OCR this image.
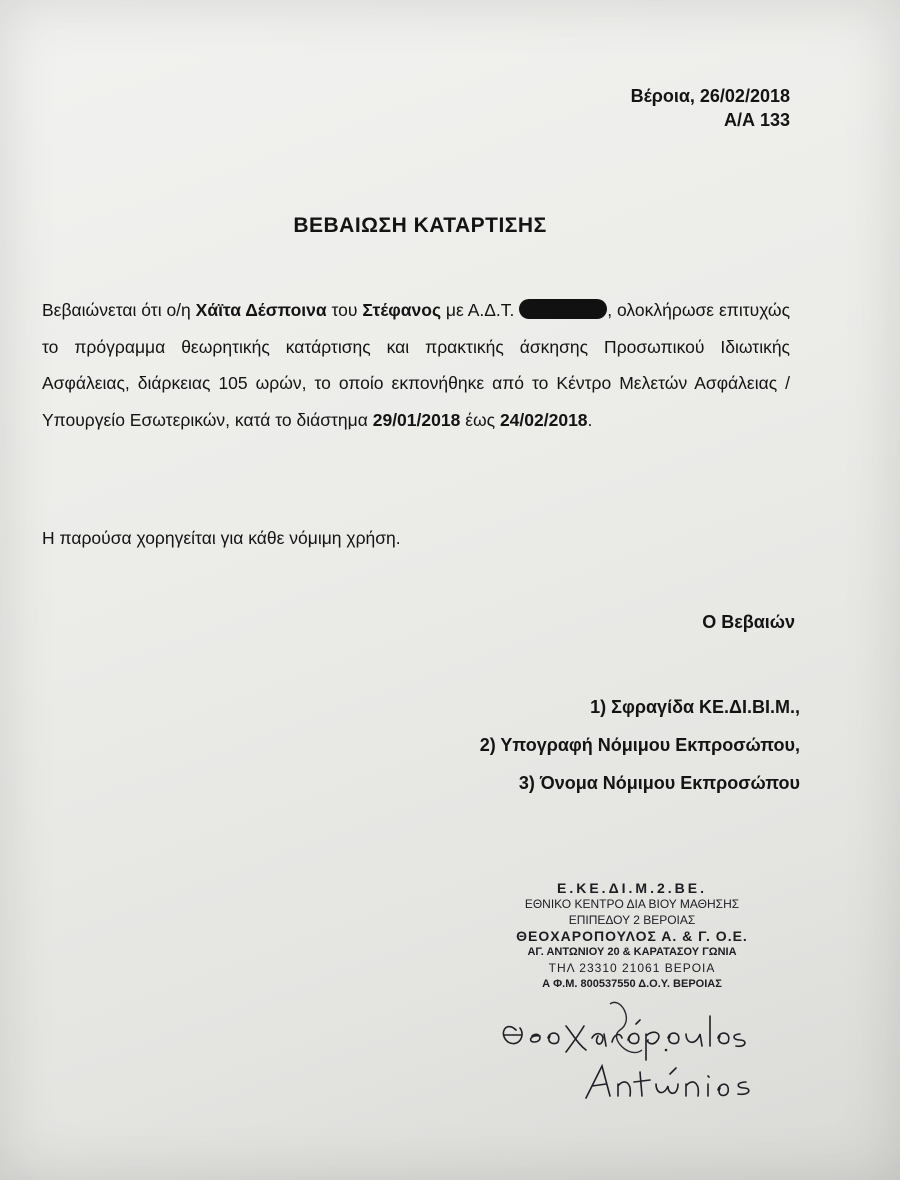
Βέροια, 26/02/2018
Α/Α 133
ΒΕΒΑΙΩΣΗ ΚΑΤΑΡΤΙΣΗΣ
Βεβαιώνεται ότι ο/η Χάϊτα Δέσποινα του Στέφανος με Α.Δ.Τ.	, ολοκλήρωσε επιτυχώς το πρόγραμμα θεωρητικής κατάρτισης και πρακτικής άσκησης Προσωπικού Ιδιωτικής Ασφάλειας, διάρκειας 105 ωρών, το οποίο εκπονήθηκε από το Κέντρο Μελετών Ασφάλειας / Υπουργείο Εσωτερικών, κατά το διάστημα 29/01/2018 έως 24/02/2018.
Η παρούσα χορηγείται για κάθε νόμιμη χρήση.
Ο Βεβαιών
1) Σφραγίδα ΚΕ.ΔΙ.ΒΙ.Μ.,
2) Υπογραφή Νόμιμου Εκπροσώπου,
3) Όνομα Νόμιμου Εκπροσώπου
Ε.ΚΕ.ΔΙ.Μ.2.ΒΕ.
ΕΘΝΙΚΟ ΚΕΝΤΡΟ ΔΙΑ ΒΙΟΥ ΜΑΘΗΣΗΣ
ΕΠΙΠΕΔΟΥ 2 ΒΕΡΟΙΑΣ
ΘΕΟΧΑΡΟΠΟΥΛΟΣ Α. & Γ. Ο.Ε.
ΑΓ. ΑΝΤΩΝΙΟΥ 20 & ΚΑΡΑΤΑΣΟΥ ΓΩΝΙΑ
ΤΗΛ 23310 21061 ΒΕΡΟΙΑ
Α Φ.Μ. 800537550 Δ.Ο.Υ. ΒΕΡΟΙΑΣ
